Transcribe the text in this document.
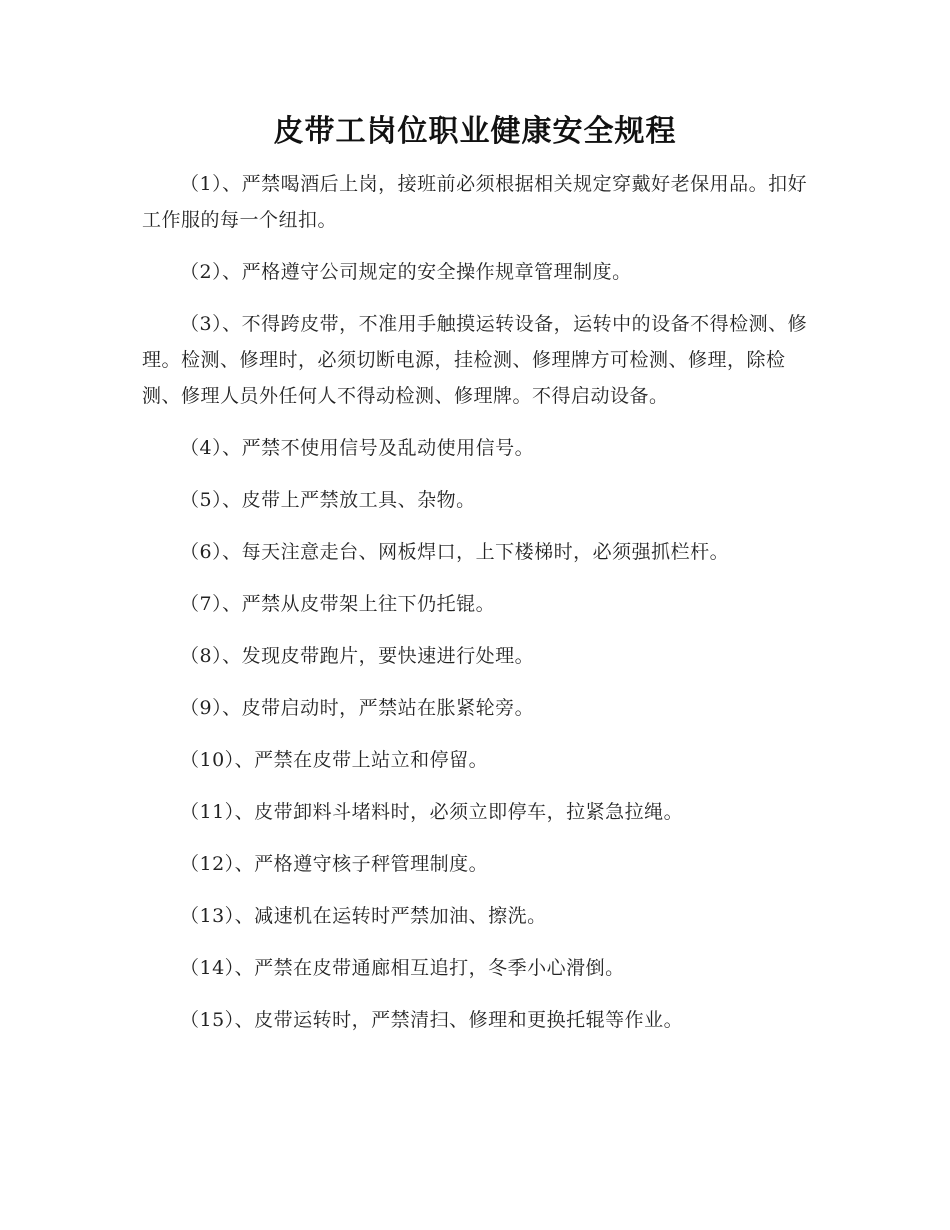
皮带工岗位职业健康安全规程

（1）、严禁喝酒后上岗，接班前必须根据相关规定穿戴好老保用品。扣好工作服的每一个纽扣。

（2）、严格遵守公司规定的安全操作规章管理制度。

（3）、不得跨皮带，不准用手触摸运转设备，运转中的设备不得检测、修理。检测、修理时，必须切断电源，挂检测、修理牌方可检测、修理，除检测、修理人员外任何人不得动检测、修理牌。不得启动设备。

（4）、严禁不使用信号及乱动使用信号。

（5）、皮带上严禁放工具、杂物。

（6）、每天注意走台、网板焊口，上下楼梯时，必须强抓栏杆。

（7）、严禁从皮带架上往下仍托锟。

（8）、发现皮带跑片，要快速进行处理。

（9）、皮带启动时，严禁站在胀紧轮旁。

（10）、严禁在皮带上站立和停留。

（11）、皮带卸料斗堵料时，必须立即停车，拉紧急拉绳。

（12）、严格遵守核子秤管理制度。

（13）、减速机在运转时严禁加油、擦洗。

（14）、严禁在皮带通廊相互追打，冬季小心滑倒。

（15）、皮带运转时，严禁清扫、修理和更换托辊等作业。
